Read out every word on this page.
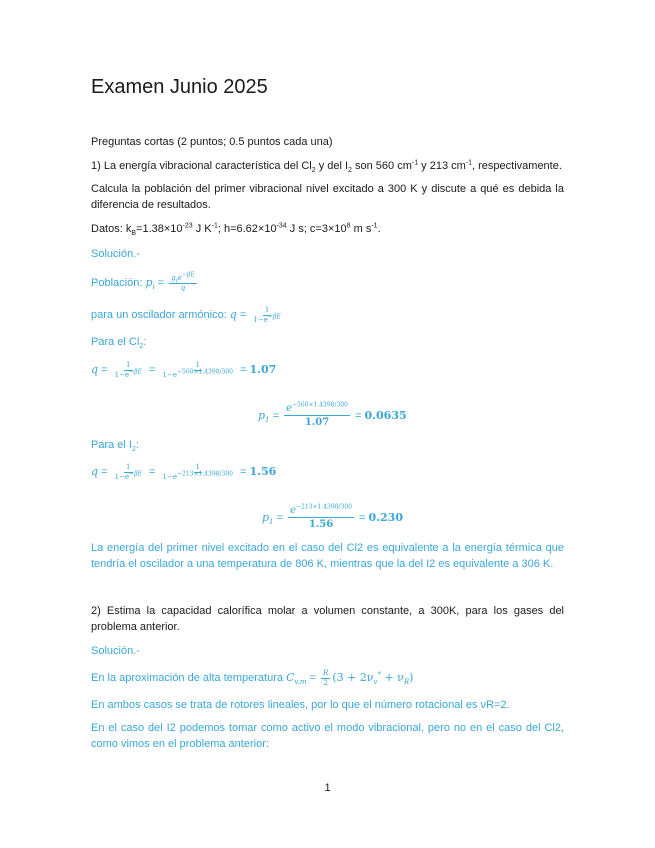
Examen Junio 2025
Preguntas cortas (2 puntos; 0.5 puntos cada una)
1) La energía vibracional característica del $Cl_2$ y del $I_2$ son 560 $cm^{-1}$ y 213 $cm^{-1}$, respectivamente.
Calcula la población del primer vibracional nivel excitado a 300 K y discute a qué es debida la diferencia de resultados.
Datos: $k_B=1.38\times 10^{-23}$ J $K^{-1}$; $h=6.62\times 10^{-34}$ J s; $c=3\times 10^8$ m $s^{-1}$.
Solución.-
Población: $p_i = \frac{g_ie^{-\beta E}}{q}$
para un oscilador armónico: $q = \frac{1}{1-e^{-\beta E}}$
Para el $Cl_2$:
$q = \frac{1}{1-e^{-\beta E}} = \frac{1}{1-e^{-560\times 1.4398/300}} = 1.07$
$p_1 = \frac{e^{-560\times 1.4398/300}}{1.07} = 0.0635$
Para el $I_2$:
$q = \frac{1}{1-e^{-\beta E}} = \frac{1}{1-e^{-213\times 1.4398/300}} = 1.56$
$p_1 = \frac{e^{-213\times 1.4398/300}}{1.56} = 0.230$
La energía del primer nivel excitado en el caso del Cl2 es equivalente a la energía térmica que tendría el oscilador a una temperatura de 806 K, mientras que la del I2 es equivalente a 306 K.
2) Estima la capacidad calorífica molar a volumen constante, a 300K, para los gases del problema anterior.
Solución.-
En la aproximación de alta temperatura $C_{v,m} = \frac{R}{2} (3 + 2\nu_v^* + \nu_R)$
En ambos casos se trata de rotores lineales, por lo que el número rotacional es νR=2.
En el caso del I2 podemos tomar como activo el modo vibracional, pero no en el caso del Cl2, como vimos en el problema anterior:
1
